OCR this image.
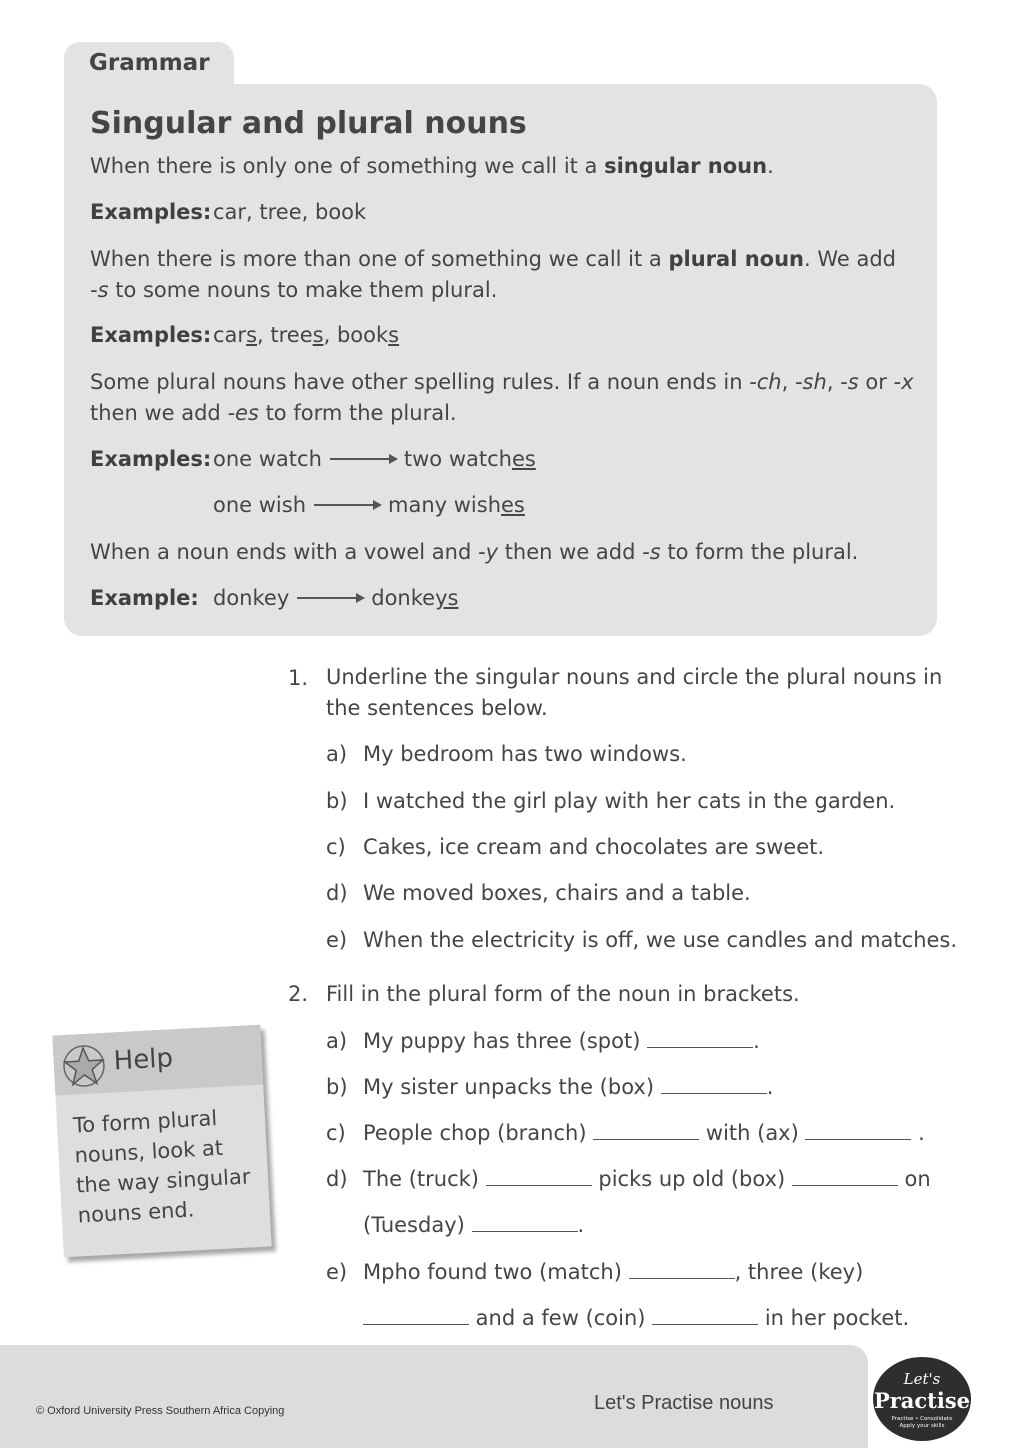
Grammar
Singular and plural nouns
When there is only one of something we call it a singular noun.
Examples: car, tree, book
When there is more than one of something we call it a plural noun. We add
-s to some nouns to make them plural.
Examples: car s , tree s , book s
Some plural nouns have other spelling rules. If a noun ends in -ch, -sh, -s or -x
then we add -es to form the plural.
Examples: one watch	two watch es
one wish	many wish es
When a noun ends with a vowel and -y then we add -s to form the plural.
Example: donkey	donke ys
1. Underline the singular nouns and circle the plural nouns in
the sentences below.
a) My bedroom has two windows.
b) I watched the girl play with her cats in the garden.
c) Cakes, ice cream and chocolates are sweet.
d) We moved boxes, chairs and a table.
e) When the electricity is off, we use candles and matches.
2. Fill in the plural form of the noun in brackets.
a) My puppy has three (spot)	.
b) My sister unpacks the (box)	.
c) People chop (branch)	with (ax)	.
d) The (truck)	picks up old (box)	on
(Tuesday)	.
e) Mpho found two (match)	, three (key)
and a few (coin)	in her pocket.
Help
To form plural
nouns, look at
the way singular
nouns end.
© Oxford University Press Southern Africa Copying	Let's Practise nouns
Let's
Practise
Practise • Consolidate
Apply your skills
